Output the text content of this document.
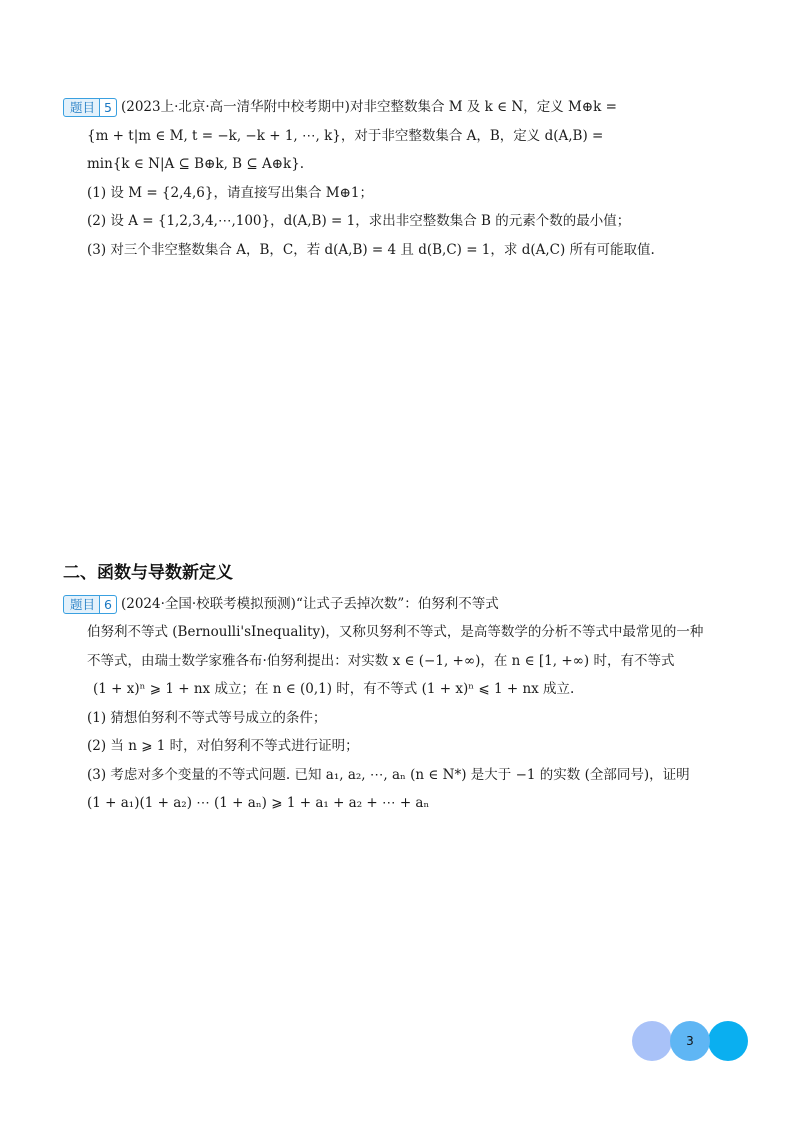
题目 5 (2023上·北京·高一清华附中校考期中)对非空整数集合 M 及 k ∈ N，定义 M⊕k =
{m + t|m ∈ M, t = −k, −k + 1, ⋯, k}，对于非空整数集合 A，B，定义 d(A,B) =
min{k ∈ N|A ⊆ B⊕k, B ⊆ A⊕k}.
(1) 设 M = {2,4,6}，请直接写出集合 M⊕1；
(2) 设 A = {1,2,3,4,⋯,100}，d(A,B) = 1，求出非空整数集合 B 的元素个数的最小值；
(3) 对三个非空整数集合 A，B，C，若 d(A,B) = 4 且 d(B,C) = 1，求 d(A,C) 所有可能取值.
二、函数与导数新定义
题目 6 (2024·全国·校联考模拟预测)“让式子丢掉次数”：伯努利不等式
伯努利不等式 (Bernoulli'sInequality)，又称贝努利不等式，是高等数学的分析不等式中最常见的一种
不等式，由瑞士数学家雅各布·伯努利提出：对实数 x ∈ (−1, +∞)，在 n ∈ [1, +∞) 时，有不等式
(1 + x)ⁿ ⩾ 1 + nx 成立；在 n ∈ (0,1) 时，有不等式 (1 + x)ⁿ ⩽ 1 + nx 成立.
(1) 猜想伯努利不等式等号成立的条件；
(2) 当 n ⩾ 1 时，对伯努利不等式进行证明；
(3) 考虑对多个变量的不等式问题. 已知 a₁, a₂, ⋯, aₙ (n ∈ N*) 是大于 −1 的实数 (全部同号)，证明
(1 + a₁)(1 + a₂) ⋯ (1 + aₙ) ⩾ 1 + a₁ + a₂ + ⋯ + aₙ
3
